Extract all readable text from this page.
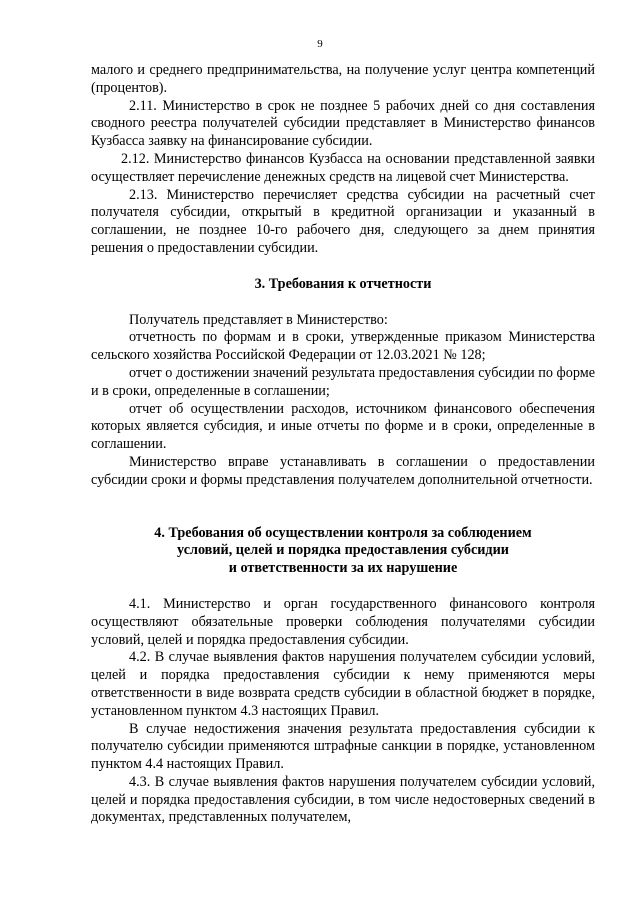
9

малого и среднего предпринимательства, на получение услуг центра компетенций (процентов).

2.11. Министерство в срок не позднее 5 рабочих дней со дня составления сводного реестра получателей субсидии представляет в Министерство финансов Кузбасса заявку на финансирование субсидии.

2.12. Министерство финансов Кузбасса на основании представленной заявки осуществляет перечисление денежных средств на лицевой счет Министерства.

2.13. Министерство перечисляет средства субсидии на расчетный счет получателя субсидии, открытый в кредитной организации и указанный в соглашении, не позднее 10-го рабочего дня, следующего за днем принятия решения о предоставлении субсидии.

3. Требования к отчетности

Получатель представляет в Министерство:

отчетность по формам и в сроки, утвержденные приказом Министерства сельского хозяйства Российской Федерации от 12.03.2021 № 128;

отчет о достижении значений результата предоставления субсидии по форме и в сроки, определенные в соглашении;

отчет об осуществлении расходов, источником финансового обеспечения которых является субсидия, и иные отчеты по форме и в сроки, определенные в соглашении.

Министерство вправе устанавливать в соглашении о предоставлении субсидии сроки и формы представления получателем дополнительной отчетности.

4. Требования об осуществлении контроля за соблюдением

условий, целей и порядка предоставления субсидии

и ответственности за их нарушение

4.1. Министерство и орган государственного финансового контроля осуществляют обязательные проверки соблюдения получателями субсидии условий, целей и порядка предоставления субсидии.

4.2. В случае выявления фактов нарушения получателем субсидии условий, целей и порядка предоставления субсидии к нему применяются меры ответственности в виде возврата средств субсидии в областной бюджет в порядке, установленном пунктом 4.3 настоящих Правил.

В случае недостижения значения результата предоставления субсидии к получателю субсидии применяются штрафные санкции в порядке, установленном пунктом 4.4 настоящих Правил.

4.3. В случае выявления фактов нарушения получателем субсидии условий, целей и порядка предоставления субсидии, в том числе недостоверных сведений в документах, представленных получателем,
